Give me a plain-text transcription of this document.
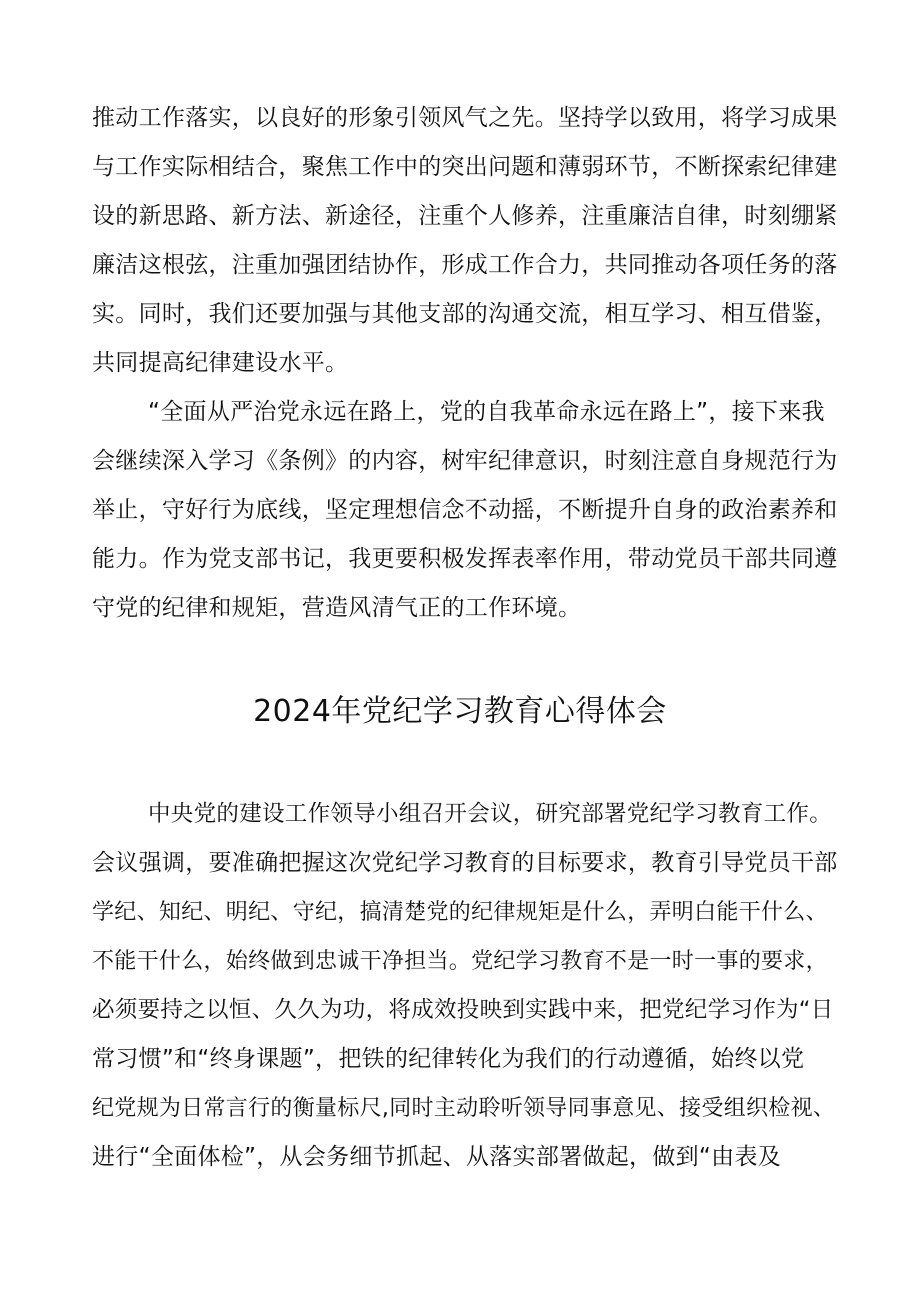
推动工作落实，以良好的形象引领风气之先。坚持学以致用，将学习成果
与工作实际相结合，聚焦工作中的突出问题和薄弱环节，不断探索纪律建
设的新思路、新方法、新途径，注重个人修养，注重廉洁自律，时刻绷紧
廉洁这根弦，注重加强团结协作，形成工作合力，共同推动各项任务的落
实。同时，我们还要加强与其他支部的沟通交流，相互学习、相互借鉴，
共同提高纪律建设水平。
“全面从严治党永远在路上，党的自我革命永远在路上”，接下来我
会继续深入学习《条例》的内容，树牢纪律意识，时刻注意自身规范行为
举止，守好行为底线，坚定理想信念不动摇，不断提升自身的政治素养和
能力。作为党支部书记，我更要积极发挥表率作用，带动党员干部共同遵
守党的纪律和规矩，营造风清气正的工作环境。
2024年党纪学习教育心得体会
中央党的建设工作领导小组召开会议，研究部署党纪学习教育工作。
会议强调，要准确把握这次党纪学习教育的目标要求，教育引导党员干部
学纪、知纪、明纪、守纪，搞清楚党的纪律规矩是什么，弄明白能干什么、
不能干什么，始终做到忠诚干净担当。党纪学习教育不是一时一事的要求，
必须要持之以恒、久久为功，将成效投映到实践中来，把党纪学习作为“日
常习惯”和“终身课题”，把铁的纪律转化为我们的行动遵循，始终以党
纪党规为日常言行的衡量标尺,同时主动聆听领导同事意见、接受组织检视、
进行“全面体检”，从会务细节抓起、从落实部署做起，做到“由表及
